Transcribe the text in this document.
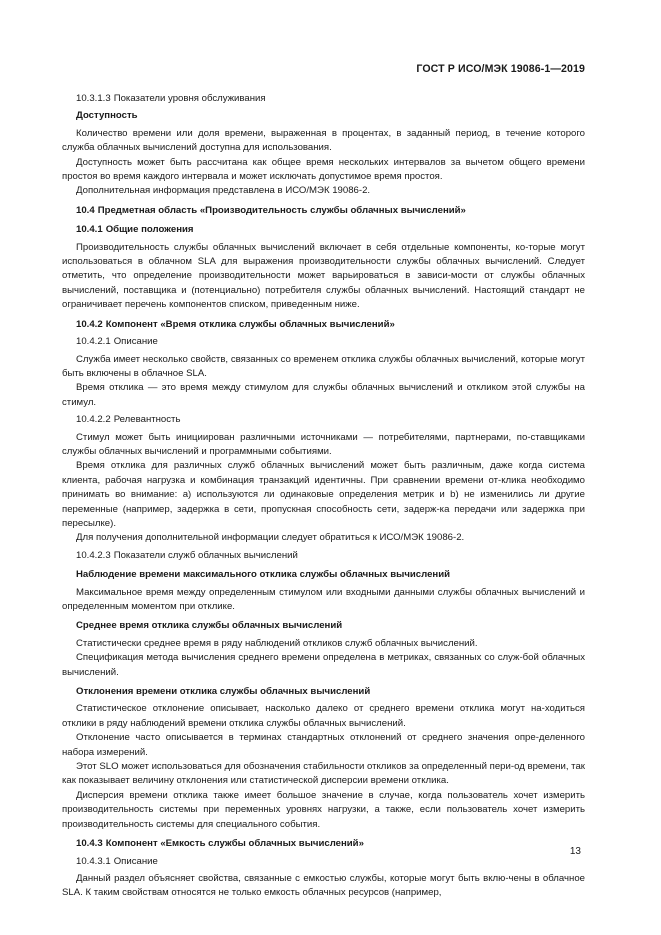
ГОСТ Р ИСО/МЭК 19086-1—2019
10.3.1.3 Показатели уровня обслуживания
Доступность
Количество времени или доля времени, выраженная в процентах, в заданный период, в течение которого служба облачных вычислений доступна для использования.
Доступность может быть рассчитана как общее время нескольких интервалов за вычетом общего времени простоя во время каждого интервала и может исключать допустимое время простоя.
Дополнительная информация представлена в ИСО/МЭК 19086-2.
10.4 Предметная область «Производительность службы облачных вычислений»
10.4.1 Общие положения
Производительность службы облачных вычислений включает в себя отдельные компоненты, ко-торые могут использоваться в облачном SLA для выражения производительности службы облачных вычислений. Следует отметить, что определение производительности может варьироваться в зависи-мости от службы облачных вычислений, поставщика и (потенциально) потребителя службы облачных вычислений. Настоящий стандарт не ограничивает перечень компонентов списком, приведенным ниже.
10.4.2 Компонент «Время отклика службы облачных вычислений»
10.4.2.1 Описание
Служба имеет несколько свойств, связанных со временем отклика службы облачных вычислений, которые могут быть включены в облачное SLA.
Время отклика — это время между стимулом для службы облачных вычислений и откликом этой службы на стимул.
10.4.2.2 Релевантность
Стимул может быть инициирован различными источниками — потребителями, партнерами, по-ставщиками службы облачных вычислений и программными событиями.
Время отклика для различных служб облачных вычислений может быть различным, даже когда система клиента, рабочая нагрузка и комбинация транзакций идентичны. При сравнении времени от-клика необходимо принимать во внимание: a) используются ли одинаковые определения метрик и b) не изменились ли другие переменные (например, задержка в сети, пропускная способность сети, задерж-ка передачи или задержка при пересылке).
Для получения дополнительной информации следует обратиться к ИСО/МЭК 19086-2.
10.4.2.3 Показатели служб облачных вычислений
Наблюдение времени максимального отклика службы облачных вычислений
Максимальное время между определенным стимулом или входными данными службы облачных вычислений и определенным моментом при отклике.
Среднее время отклика службы облачных вычислений
Статистически среднее время в ряду наблюдений откликов служб облачных вычислений.
Спецификация метода вычисления среднего времени определена в метриках, связанных со служ-бой облачных вычислений.
Отклонения времени отклика службы облачных вычислений
Статистическое отклонение описывает, насколько далеко от среднего времени отклика могут на-ходиться отклики в ряду наблюдений времени отклика службы облачных вычислений.
Отклонение часто описывается в терминах стандартных отклонений от среднего значения опре-деленного набора измерений.
Этот SLO может использоваться для обозначения стабильности откликов за определенный пери-од времени, так как показывает величину отклонения или статистической дисперсии времени отклика.
Дисперсия времени отклика также имеет большое значение в случае, когда пользователь хочет измерить производительность системы при переменных уровнях нагрузки, а также, если пользователь хочет измерить производительность системы для специального события.
10.4.3 Компонент «Емкость службы облачных вычислений»
10.4.3.1 Описание
Данный раздел объясняет свойства, связанные с емкостью службы, которые могут быть вклю-чены в облачное SLA. К таким свойствам относятся не только емкость облачных ресурсов (например,
13
